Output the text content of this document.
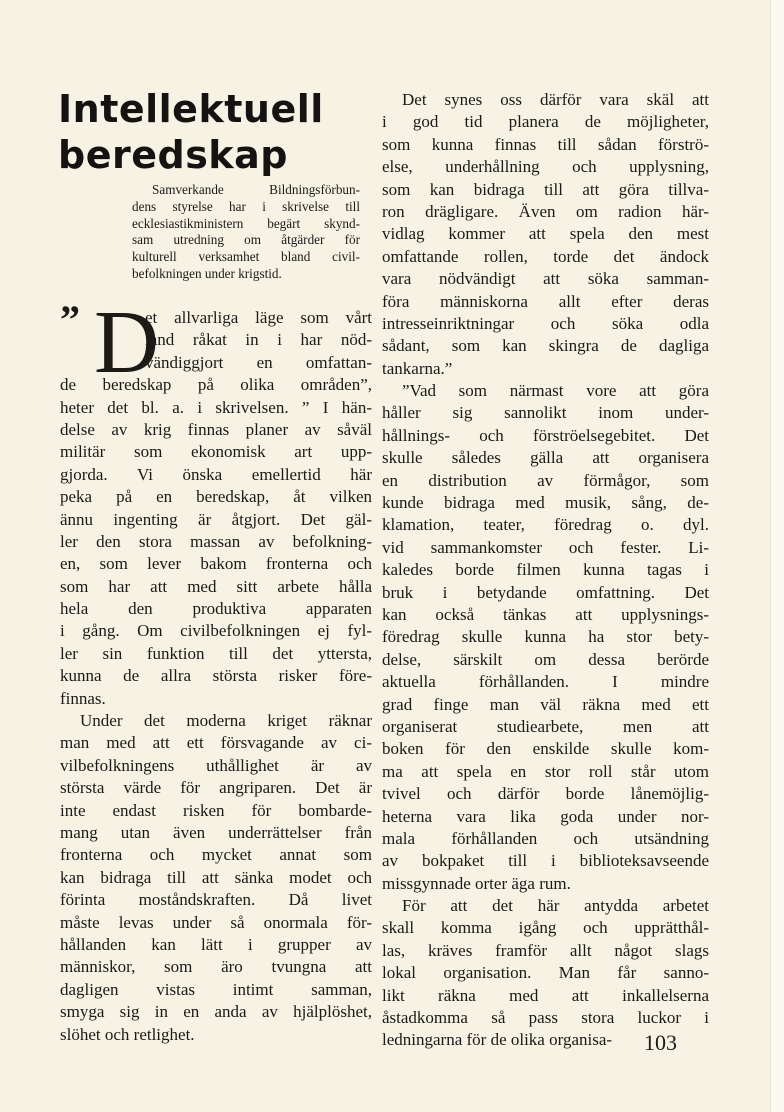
Intellektuell
beredskap
Samverkande Bildningsförbun-
dens styrelse har i skrivelse till
ecklesiastikministern begärt skynd-
sam utredning om åtgärder för
kulturell verksamhet bland civil-
befolkningen under krigstid.
” D
et allvarliga läge som vårt
land råkat in i har nöd-
vändiggjort en omfattan-
de beredskap på olika områden”,
heter det bl. a. i skrivelsen. ” I hän-
delse av krig finnas planer av såväl
militär som ekonomisk art upp-
gjorda. Vi önska emellertid här
peka på en beredskap, åt vilken
ännu ingenting är åtgjort. Det gäl-
ler den stora massan av befolkning-
en, som lever bakom fronterna och
som har att med sitt arbete hålla
hela den produktiva apparaten
i gång. Om civilbefolkningen ej fyl-
ler sin funktion till det yttersta,
kunna de allra största risker före-
finnas.
Under det moderna kriget räknar
man med att ett försvagande av ci-
vilbefolkningens uthållighet är av
största värde för angriparen. Det är
inte endast risken för bombarde-
mang utan även underrättelser från
fronterna och mycket annat som
kan bidraga till att sänka modet och
förinta moståndskraften. Då livet
måste levas under så onormala för-
hållanden kan lätt i grupper av
människor, som äro tvungna att
dagligen vistas intimt samman,
smyga sig in en anda av hjälplöshet,
slöhet och retlighet.
Det synes oss därför vara skäl att
i god tid planera de möjligheter,
som kunna finnas till sådan förströ-
else, underhållning och upplysning,
som kan bidraga till att göra tillva-
ron drägligare. Även om radion här-
vidlag kommer att spela den mest
omfattande rollen, torde det ändock
vara nödvändigt att söka samman-
föra människorna allt efter deras
intresseinriktningar och söka odla
sådant, som kan skingra de dagliga
tankarna.”
”Vad som närmast vore att göra
håller sig sannolikt inom under-
hållnings- och förströelsegebitet. Det
skulle således gälla att organisera
en distribution av förmågor, som
kunde bidraga med musik, sång, de-
klamation, teater, föredrag o. dyl.
vid sammankomster och fester. Li-
kaledes borde filmen kunna tagas i
bruk i betydande omfattning. Det
kan också tänkas att upplysnings-
föredrag skulle kunna ha stor bety-
delse, särskilt om dessa berörde
aktuella förhållanden. I mindre
grad finge man väl räkna med ett
organiserat studiearbete, men att
boken för den enskilde skulle kom-
ma att spela en stor roll står utom
tvivel och därför borde lånemöjlig-
heterna vara lika goda under nor-
mala förhållanden och utsändning
av bokpaket till i biblioteksavseende
missgynnade orter äga rum.
För att det här antydda arbetet
skall komma igång och upprätthål-
las, kräves framför allt något slags
lokal organisation. Man får sanno-
likt räkna med att inkallelserna
åstadkomma så pass stora luckor i
ledningarna för de olika organisa-	103
